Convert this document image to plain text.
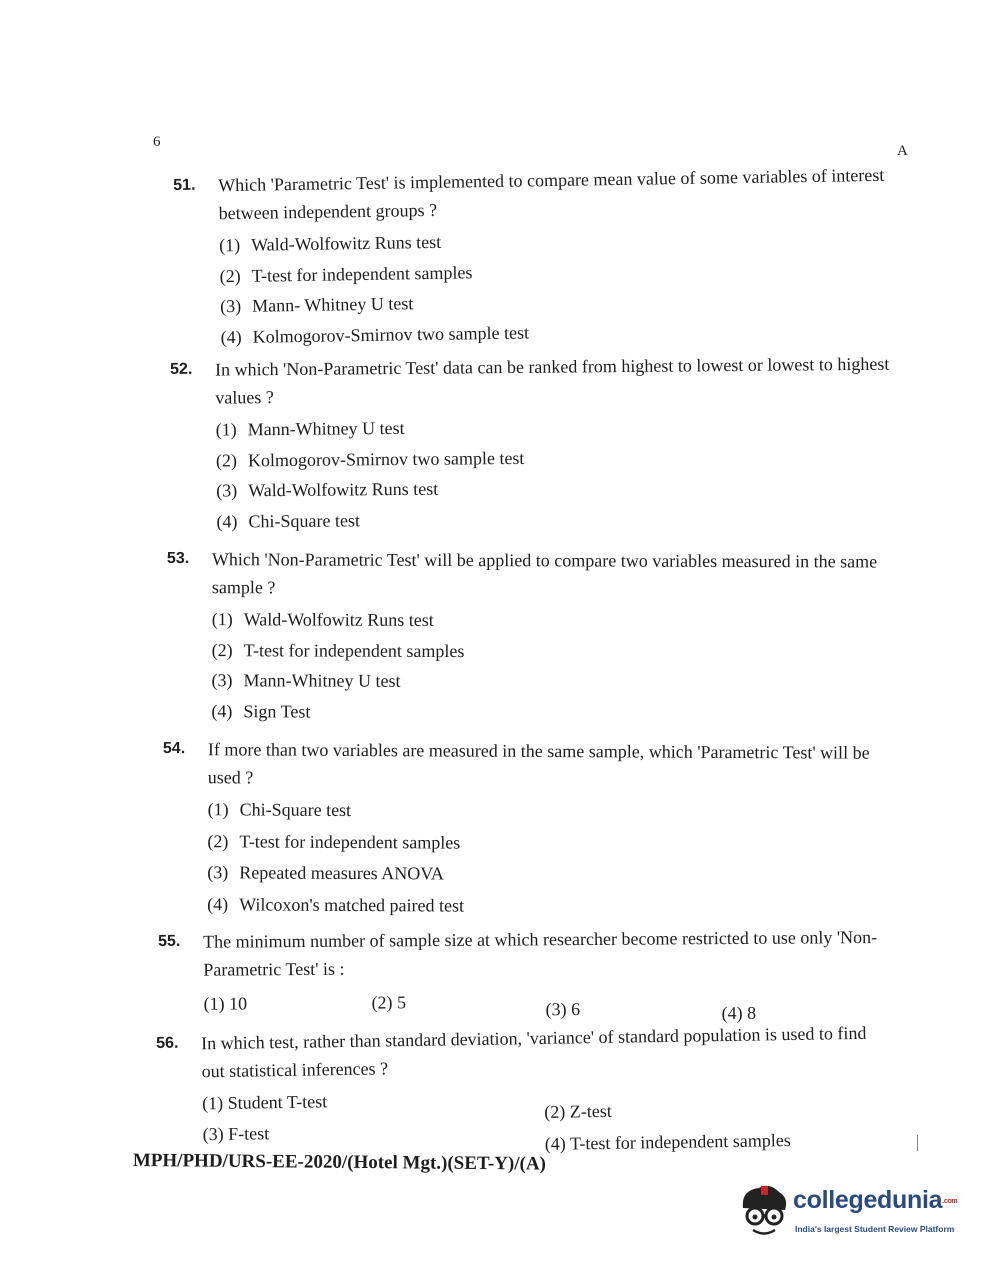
6
A
51. Which 'Parametric Test' is implemented to compare mean value of some variables of interest between independent groups ?
(1) Wald-Wolfowitz Runs test
(2) T-test for independent samples
(3) Mann- Whitney U test
(4) Kolmogorov-Smirnov two sample test
52. In which 'Non-Parametric Test' data can be ranked from highest to lowest or lowest to highest values ?
(1) Mann-Whitney U test
(2) Kolmogorov-Smirnov two sample test
(3) Wald-Wolfowitz Runs test
(4) Chi-Square test
53. Which 'Non-Parametric Test' will be applied to compare two variables measured in the same sample ?
(1) Wald-Wolfowitz Runs test
(2) T-test for independent samples
(3) Mann-Whitney U test
(4) Sign Test
54. If more than two variables are measured in the same sample, which 'Parametric Test' will be used ?
(1) Chi-Square test
(2) T-test for independent samples
(3) Repeated measures ANOVA
(4) Wilcoxon's matched paired test
55. The minimum number of sample size at which researcher become restricted to use only 'Non-Parametric Test' is :
(1) 10	(2) 5	(3) 6	(4) 8
56. In which test, rather than standard deviation, 'variance' of standard population is used to find out statistical inferences ?
(1) Student T-test	(2) Z-test
(3) F-test	(4) T-test for independent samples
MPH/PHD/URS-EE-2020/(Hotel Mgt.)(SET-Y)/(A)
collegedunia.com
India's largest Student Review Platform
